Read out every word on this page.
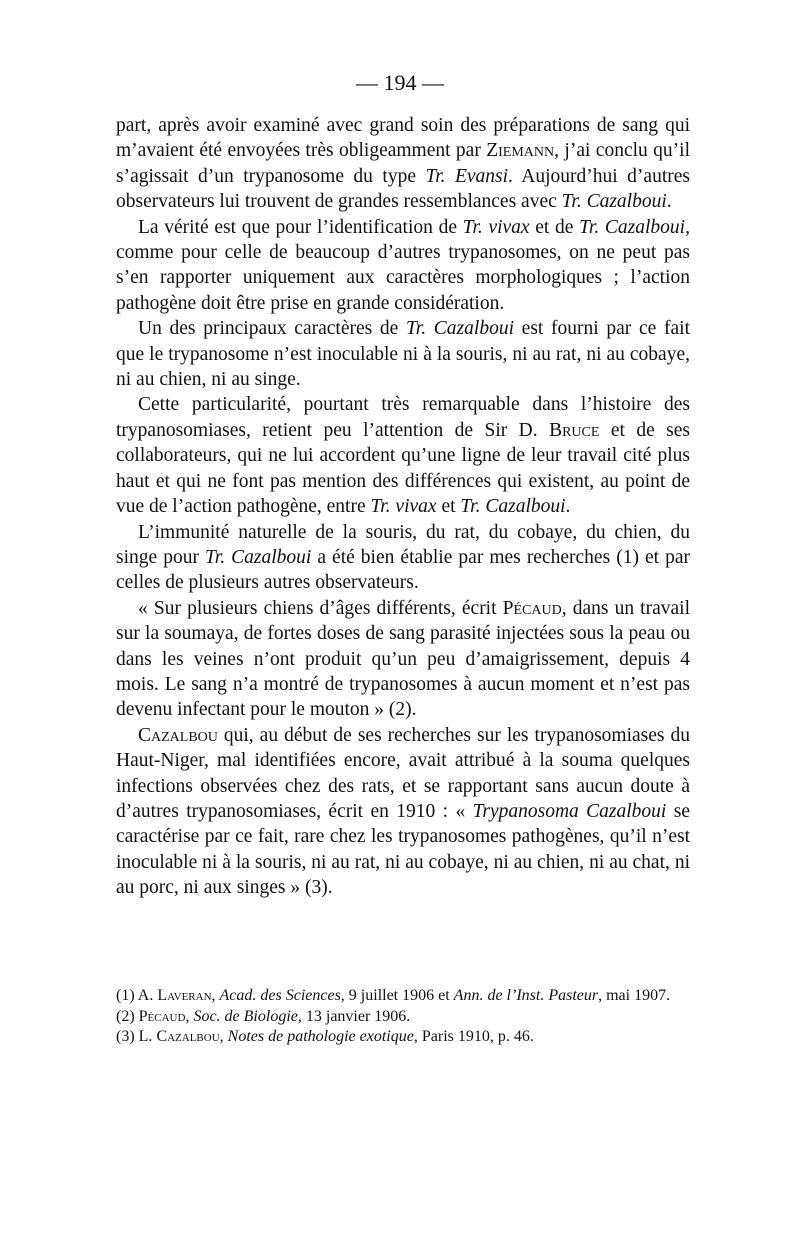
— 194 —

part, après avoir examiné avec grand soin des préparations de sang qui m’avaient été envoyées très obligeamment par Ziemann, j’ai conclu qu’il s’agissait d’un trypanosome du type Tr. Evansi. Aujourd’hui d’autres observateurs lui trouvent de grandes ressemblances avec Tr. Cazalboui.

La vérité est que pour l’identification de Tr. vivax et de Tr. Cazalboui, comme pour celle de beaucoup d’autres trypanosomes, on ne peut pas s’en rapporter uniquement aux caractères morphologiques ; l’action pathogène doit être prise en grande considération.

Un des principaux caractères de Tr. Cazalboui est fourni par ce fait que le trypanosome n’est inoculable ni à la souris, ni au rat, ni au cobaye, ni au chien, ni au singe.

Cette particularité, pourtant très remarquable dans l’histoire des trypanosomiases, retient peu l’attention de Sir D. Bruce et de ses collaborateurs, qui ne lui accordent qu’une ligne de leur travail cité plus haut et qui ne font pas mention des différences qui existent, au point de vue de l’action pathogène, entre Tr. vivax et Tr. Cazalboui.

L’immunité naturelle de la souris, du rat, du cobaye, du chien, du singe pour Tr. Cazalboui a été bien établie par mes recherches (1) et par celles de plusieurs autres observateurs.

« Sur plusieurs chiens d’âges différents, écrit Pécaud, dans un travail sur la soumaya, de fortes doses de sang parasité injectées sous la peau ou dans les veines n’ont produit qu’un peu d’amaigrissement, depuis 4 mois. Le sang n’a montré de trypanosomes à aucun moment et n’est pas devenu infectant pour le mouton » (2).

Cazalbou qui, au début de ses recherches sur les trypanosomiases du Haut-Niger, mal identifiées encore, avait attribué à la souma quelques infections observées chez des rats, et se rapportant sans aucun doute à d’autres trypanosomiases, écrit en 1910 : « Trypanosoma Cazalboui se caractérise par ce fait, rare chez les trypanosomes pathogènes, qu’il n’est inoculable ni à la souris, ni au rat, ni au cobaye, ni au chien, ni au chat, ni au porc, ni aux singes » (3).

(1) A. Laveran, Acad. des Sciences, 9 juillet 1906 et Ann. de l’Inst. Pasteur, mai 1907.

(2) Pécaud, Soc. de Biologie, 13 janvier 1906.

(3) L. Cazalbou, Notes de pathologie exotique, Paris 1910, p. 46.
